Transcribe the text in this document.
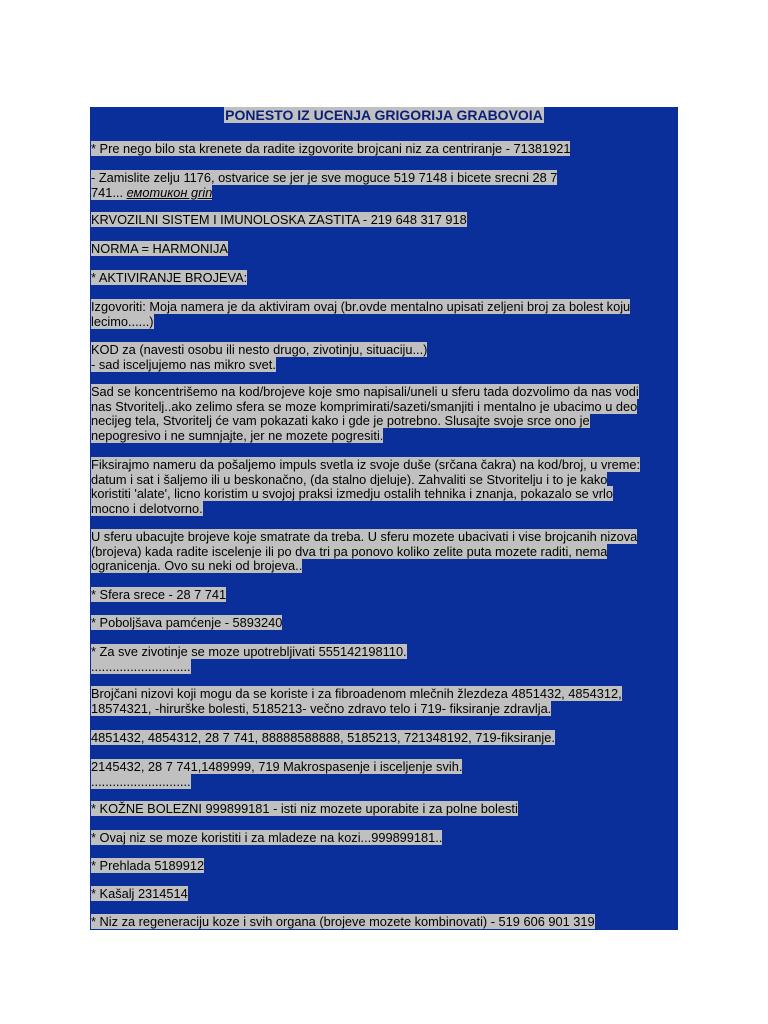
PONESTO IZ UCENJA GRIGORIJA GRABOVOIA
* Pre nego bilo sta krenete da radite izgovorite brojcani niz za centriranje - 71381921
- Zamislite zelju 1176, ostvarice se jer je sve moguce 519 7148 i bicete srecni 28 7
741... емотикон grin
KRVOZILNI SISTEM I IMUNOLOSKA ZASTITA - 219 648 317 918
NORMA = HARMONIJA
* AKTIVIRANJE BROJEVA:
Izgovoriti: Moja namera je da aktiviram ovaj (br.ovde mentalno upisati zeljeni broj za bolest koju
lecimo......)
KOD za (navesti osobu ili nesto drugo, zivotinju, situaciju...)
- sad isceljujemo nas mikro svet.
Sad se koncentrišemo na kod/brojeve koje smo napisali/uneli u sferu tada dozvolimo da nas vodi
nas Stvoritelj..ako zelimo sfera se moze komprimirati/sazeti/smanjiti i mentalno je ubacimo u deo
necijeg tela, Stvoritelj će vam pokazati kako i gde je potrebno. Slusajte svoje srce ono je
nepogresivo i ne sumnjajte, jer ne mozete pogresiti.
Fiksirajmo nameru da pošaljemo impuls svetla iz svoje duše (srčana čakra) na kod/broj, u vreme:
datum i sat i šaljemo ili u beskonačno, (da stalno djeluje). Zahvaliti se Stvoritelju i to je kako
koristiti 'alate', licno koristim u svojoj praksi izmedju ostalih tehnika i znanja, pokazalo se vrlo
mocno i delotvorno.
U sferu ubacujte brojeve koje smatrate da treba. U sferu mozete ubacivati i vise brojcanih nizova
(brojeva) kada radite iscelenje ili po dva tri pa ponovo koliko zelite puta mozete raditi, nema
ogranicenja. Ovo su neki od brojeva..
* Sfera srece - 28 7 741
* Poboljšava pamćenje - 5893240
* Za sve zivotinje se moze upotrebljivati 555142198110.
............................
Brojčani nizovi koji mogu da se koriste i za fibroadenom mlečnih žlezdeza 4851432, 4854312,
18574321, -hirurške bolesti, 5185213- večno zdravo telo i 719- fiksiranje zdravlja.
4851432, 4854312, 28 7 741, 88888588888, 5185213, 721348192, 719-fiksiranje.
2145432, 28 7 741,1489999, 719 Makrospasenje i isceljenje svih.
............................
* KOŽNE BOLEZNI 999899181 - isti niz mozete uporabite i za polne bolesti
* Ovaj niz se moze koristiti i za mladeze na kozi...999899181..
* Prehlada 5189912
* Kašalj 2314514
* Niz za regeneraciju koze i svih organa (brojeve mozete kombinovati) - 519 606 901 319
